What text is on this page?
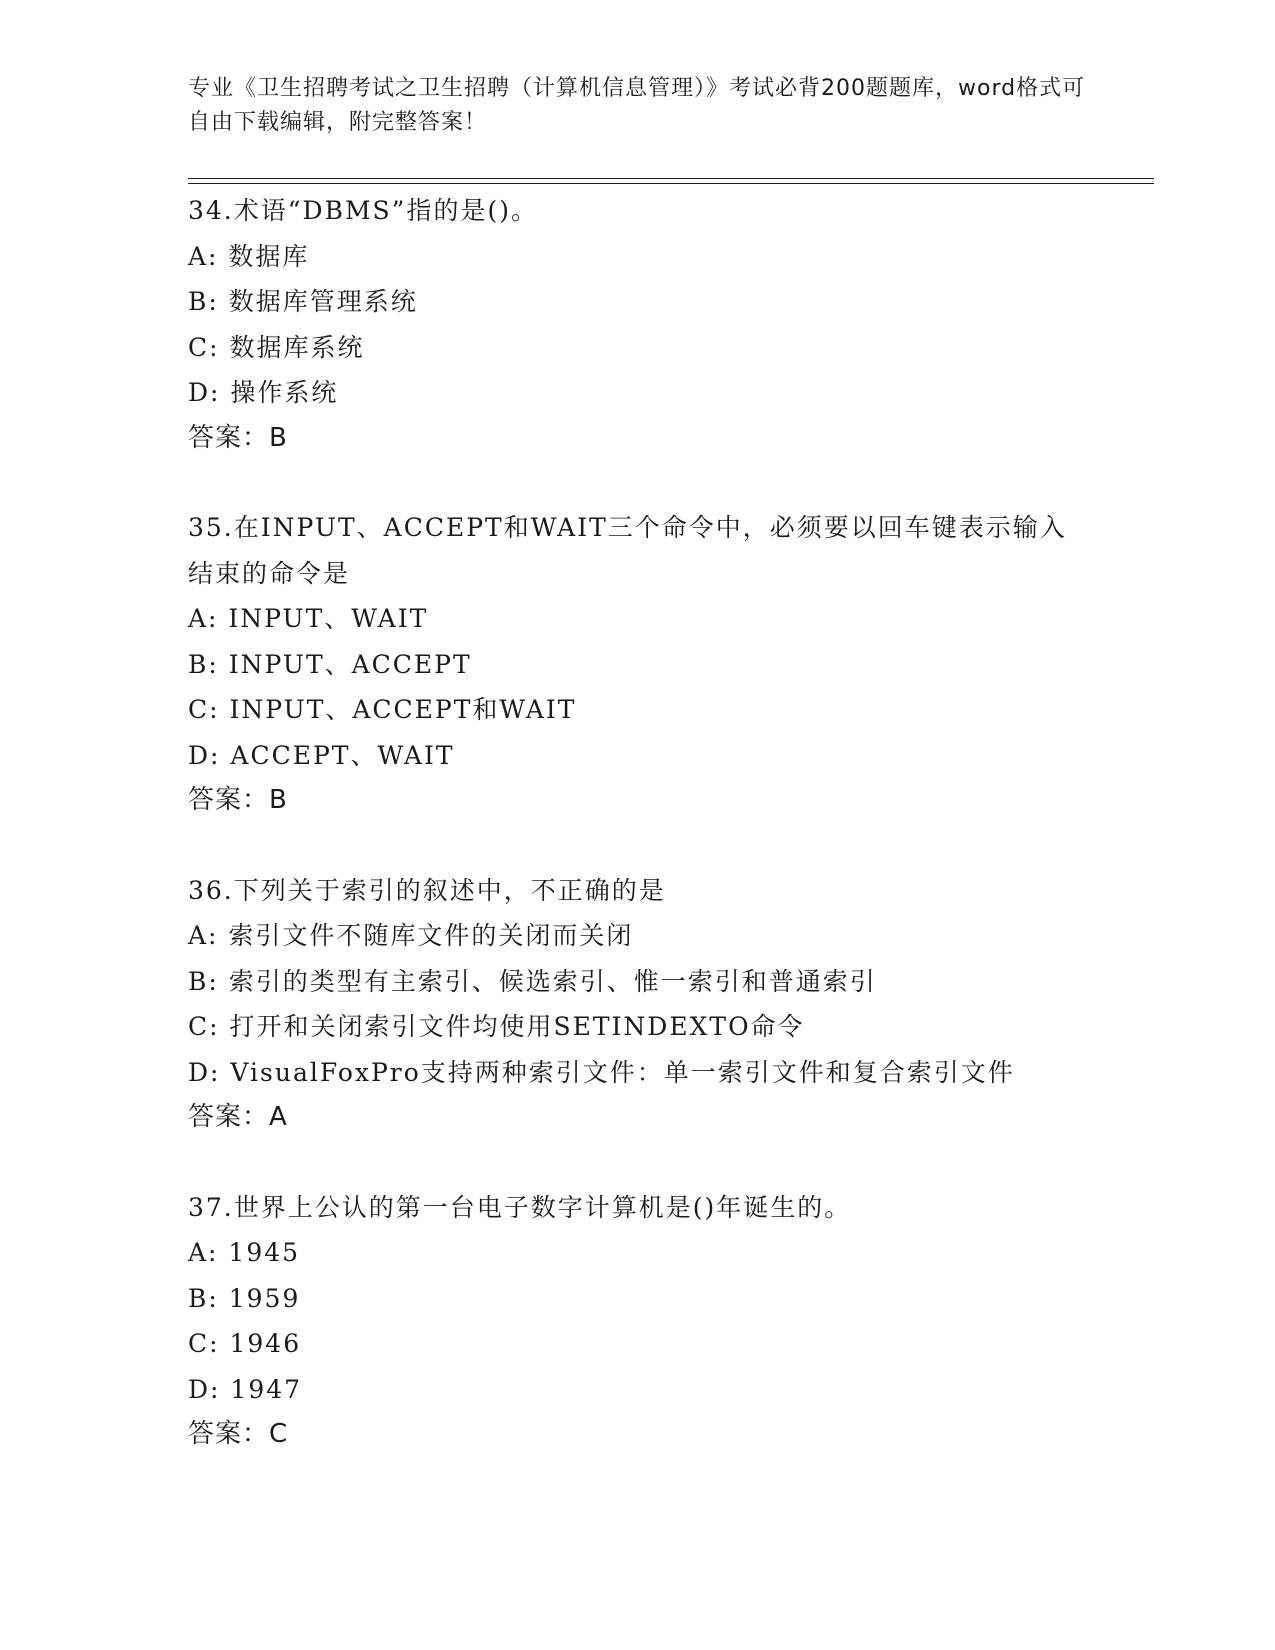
专业《卫生招聘考试之卫生招聘（计算机信息管理）》考试必背200题题库，word格式可自由下载编辑，附完整答案！
34.术语“DBMS”指的是()。
A: 数据库
B: 数据库管理系统
C: 数据库系统
D: 操作系统
答案：B
35.在INPUT、ACCEPT和WAIT三个命令中，必须要以回车键表示输入结束的命令是
A: INPUT、WAIT
B: INPUT、ACCEPT
C: INPUT、ACCEPT和WAIT
D: ACCEPT、WAIT
答案：B
36.下列关于索引的叙述中，不正确的是
A: 索引文件不随库文件的关闭而关闭
B: 索引的类型有主索引、候选索引、惟一索引和普通索引
C: 打开和关闭索引文件均使用SETINDEXTO命令
D: VisualFoxPro支持两种索引文件：单一索引文件和复合索引文件
答案：A
37.世界上公认的第一台电子数字计算机是()年诞生的。
A: 1945
B: 1959
C: 1946
D: 1947
答案：C
